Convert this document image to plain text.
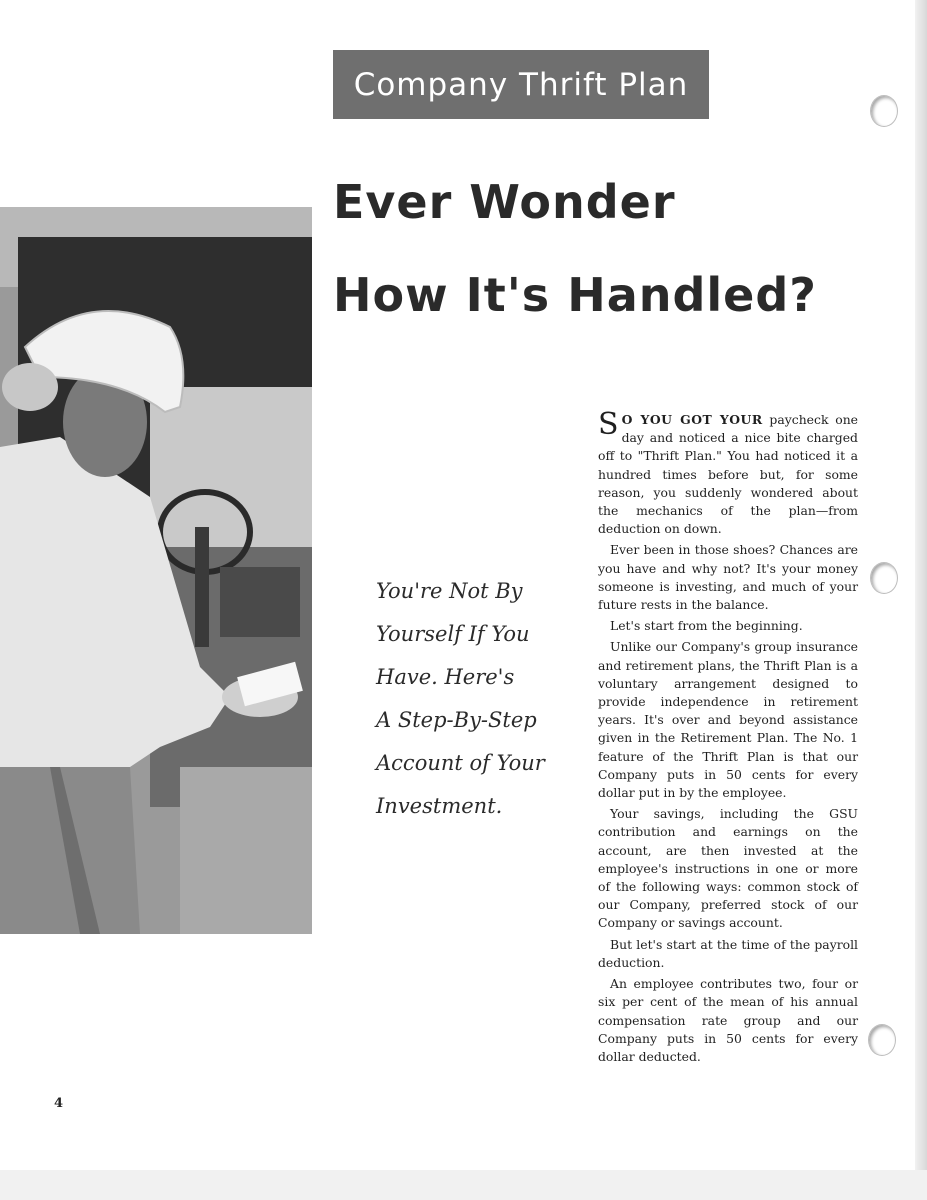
Company Thrift Plan
Ever Wonder
How It's Handled?
You're Not By
Yourself If You
Have. Here's
A Step-By-Step
Account of Your
Investment.

S O YOU GOT YOUR paycheck one day and noticed a nice bite charged off to "Thrift Plan." You had noticed it a hundred times before but, for some reason, you suddenly wondered about the mechanics of the plan—from deduction on down.

Ever been in those shoes? Chances are you have and why not? It's your money someone is investing, and much of your future rests in the balance.

Let's start from the beginning.

Unlike our Company's group insurance and retirement plans, the Thrift Plan is a voluntary arrangement designed to provide independence in retirement years. It's over and beyond assistance given in the Retirement Plan. The No. 1 feature of the Thrift Plan is that our Company puts in 50 cents for every dollar put in by the employee.

Your savings, including the GSU contribution and earnings on the account, are then invested at the employee's instructions in one or more of the following ways: common stock of our Company, preferred stock of our Company or savings account.

But let's start at the time of the payroll deduction.

An employee contributes two, four or six per cent of the mean of his annual compensation rate group and our Company puts in 50 cents for every dollar deducted.

4
